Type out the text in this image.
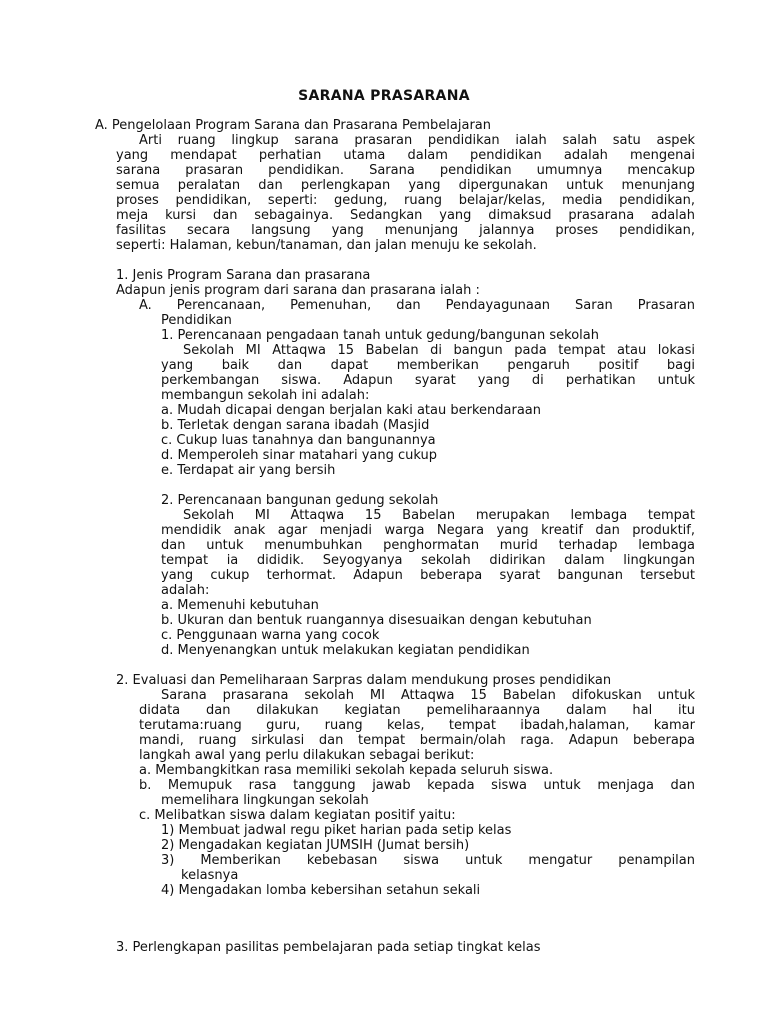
SARANA PRASARANA
A. Pengelolaan Program Sarana dan Prasarana Pembelajaran
Arti ruang lingkup sarana prasaran pendidikan ialah salah satu aspek
yang mendapat perhatian utama dalam pendidikan adalah mengenai
sarana prasaran pendidikan. Sarana pendidikan umumnya mencakup
semua peralatan dan perlengkapan yang dipergunakan untuk menunjang
proses pendidikan, seperti: gedung, ruang belajar/kelas, media pendidikan,
meja kursi dan sebagainya. Sedangkan yang dimaksud prasarana adalah
fasilitas secara langsung yang menunjang jalannya proses pendidikan,
seperti: Halaman, kebun/tanaman, dan jalan menuju ke sekolah.
1. Jenis Program Sarana dan prasarana
Adapun jenis program dari sarana dan prasarana ialah :
A. Perencanaan, Pemenuhan, dan Pendayagunaan Saran Prasaran
Pendidikan
1. Perencanaan pengadaan tanah untuk gedung/bangunan sekolah
Sekolah MI Attaqwa 15 Babelan di bangun pada tempat atau lokasi
yang baik dan dapat memberikan pengaruh positif bagi
perkembangan siswa. Adapun syarat yang di perhatikan untuk
membangun sekolah ini adalah:
a. Mudah dicapai dengan berjalan kaki atau berkendaraan
b. Terletak dengan sarana ibadah (Masjid
c. Cukup luas tanahnya dan bangunannya
d. Memperoleh sinar matahari yang cukup
e. Terdapat air yang bersih
2. Perencanaan bangunan gedung sekolah
Sekolah MI Attaqwa 15 Babelan merupakan lembaga tempat
mendidik anak agar menjadi warga Negara yang kreatif dan produktif,
dan untuk menumbuhkan penghormatan murid terhadap lembaga
tempat ia dididik. Seyogyanya sekolah didirikan dalam lingkungan
yang cukup terhormat. Adapun beberapa syarat bangunan tersebut
adalah:
a. Memenuhi kebutuhan
b. Ukuran dan bentuk ruangannya disesuaikan dengan kebutuhan
c. Penggunaan warna yang cocok
d. Menyenangkan untuk melakukan kegiatan pendidikan
2. Evaluasi dan Pemeliharaan Sarpras dalam mendukung proses pendidikan
Sarana prasarana sekolah MI Attaqwa 15 Babelan difokuskan untuk
didata dan dilakukan kegiatan pemeliharaannya dalam hal itu
terutama:ruang guru, ruang kelas, tempat ibadah,halaman, kamar
mandi, ruang sirkulasi dan tempat bermain/olah raga. Adapun beberapa
langkah awal yang perlu dilakukan sebagai berikut:
a. Membangkitkan rasa memiliki sekolah kepada seluruh siswa.
b. Memupuk rasa tanggung jawab kepada siswa untuk menjaga dan
memelihara lingkungan sekolah
c. Melibatkan siswa dalam kegiatan positif yaitu:
1) Membuat jadwal regu piket harian pada setip kelas
2) Mengadakan kegiatan JUMSIH (Jumat bersih)
3) Memberikan kebebasan siswa untuk mengatur penampilan
kelasnya
4) Mengadakan lomba kebersihan setahun sekali
3. Perlengkapan pasilitas pembelajaran pada setiap tingkat kelas
